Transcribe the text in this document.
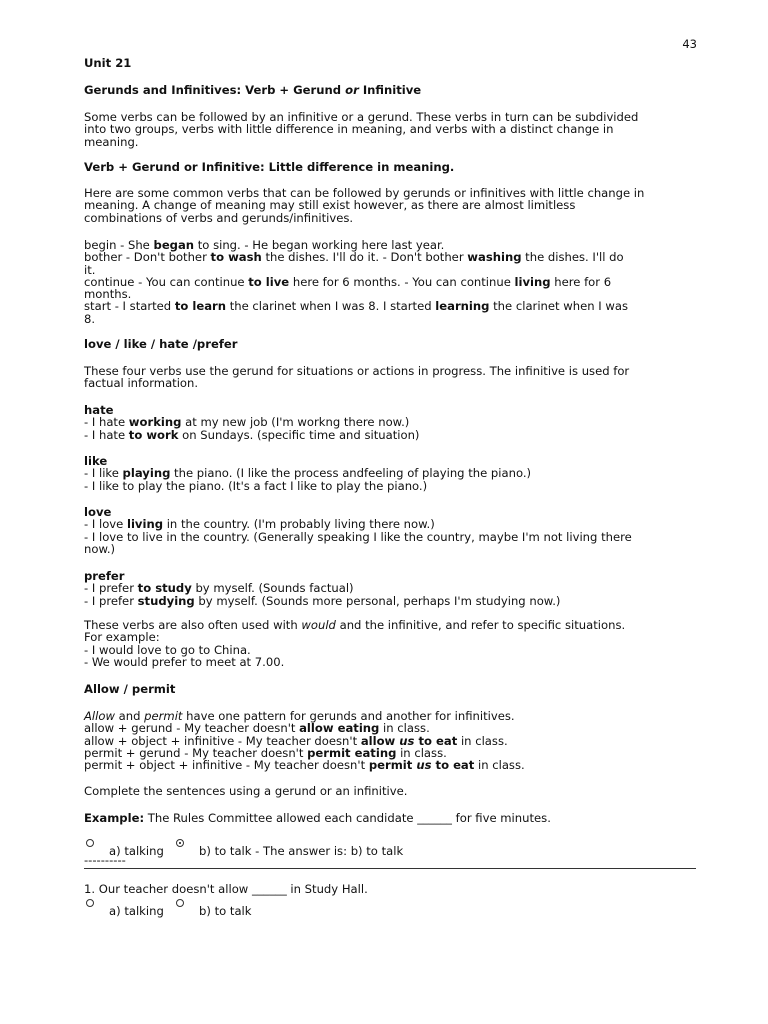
43
Unit 21
Gerunds and Infinitives: Verb + Gerund or Infinitive
Some verbs can be followed by an infinitive or a gerund. These verbs in turn can be subdivided
into two groups, verbs with little difference in meaning, and verbs with a distinct change in
meaning.
Verb + Gerund or Infinitive: Little difference in meaning.
Here are some common verbs that can be followed by gerunds or infinitives with little change in
meaning. A change of meaning may still exist however, as there are almost limitless
combinations of verbs and gerunds/infinitives.
begin - She began to sing. - He began working here last year.
bother - Don't bother to wash the dishes. I'll do it. - Don't bother washing the dishes. I'll do
it.
continue - You can continue to live here for 6 months. - You can continue living here for 6
months.
start - I started to learn the clarinet when I was 8. I started learning the clarinet when I was
8.
love / like / hate /prefer
These four verbs use the gerund for situations or actions in progress. The infinitive is used for
factual information.
hate
- I hate working at my new job (I'm workng there now.)
- I hate to work on Sundays. (specific time and situation)
like
- I like playing the piano. (I like the process andfeeling of playing the piano.)
- I like to play the piano. (It's a fact I like to play the piano.)
love
- I love living in the country. (I'm probably living there now.)
- I love to live in the country. (Generally speaking I like the country, maybe I'm not living there
now.)
prefer
- I prefer to study by myself. (Sounds factual)
- I prefer studying by myself. (Sounds more personal, perhaps I'm studying now.)
These verbs are also often used with would and the infinitive, and refer to specific situations.
For example:
- I would love to go to China.
- We would prefer to meet at 7.00.
Allow / permit
Allow and permit have one pattern for gerunds and another for infinitives.
allow + gerund - My teacher doesn't allow eating in class.
allow + object + infinitive - My teacher doesn't allow us to eat in class.
permit + gerund - My teacher doesn't permit eating in class.
permit + object + infinitive - My teacher doesn't permit us to eat in class.
Complete the sentences using a gerund or an infinitive.
Example: The Rules Committee allowed each candidate ______ for five minutes.
a) talking	b) to talk - The answer is: b) to talk
----------
1. Our teacher doesn't allow ______ in Study Hall.
a) talking	b) to talk
